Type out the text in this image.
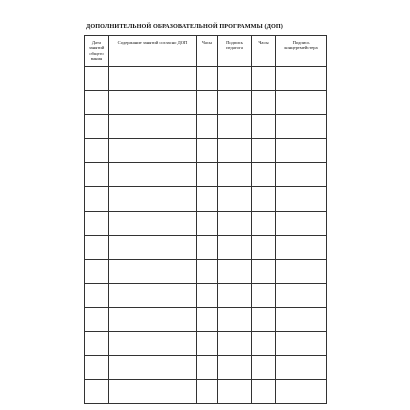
ДОПОЛНИТЕЛЬНОЙ ОБРАЗОВАТЕЛЬНОЙ ПРОГРАММЫ (ДОП)
Дата занятий общего вания	Содержание занятий согласно ДОП	Часы	Подпись педагога	Часы	Подпись концертмейстера
